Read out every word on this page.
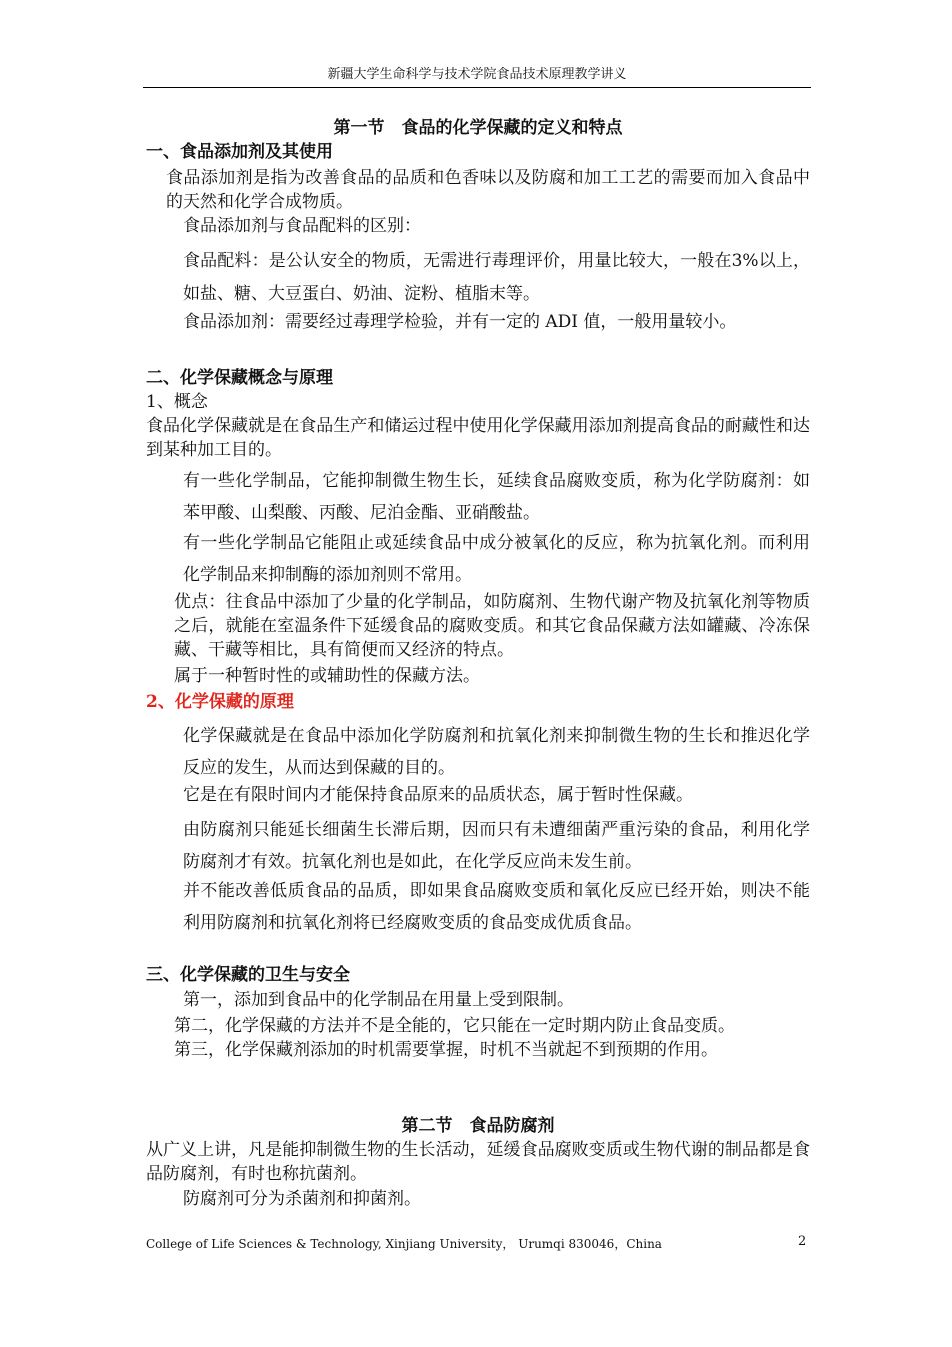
新疆大学生命科学与技术学院食品技术原理教学讲义
第一节　食品的化学保藏的定义和特点
一、食品添加剂及其使用
食品添加剂是指为改善食品的品质和色香味以及防腐和加工工艺的需要而加入食品中的天然和化学合成物质。
食品添加剂与食品配料的区别：
食品配料：是公认安全的物质，无需进行毒理评价，用量比较大，一般在3%以上，如盐、糖、大豆蛋白、奶油、淀粉、植脂末等。
食品添加剂：需要经过毒理学检验，并有一定的 ADI 值，一般用量较小。
二、化学保藏概念与原理
1、概念
食品化学保藏就是在食品生产和储运过程中使用化学保藏用添加剂提高食品的耐藏性和达到某种加工目的。
有一些化学制品，它能抑制微生物生长，延续食品腐败变质，称为化学防腐剂：如苯甲酸、山梨酸、丙酸、尼泊金酯、亚硝酸盐。
有一些化学制品它能阻止或延续食品中成分被氧化的反应，称为抗氧化剂。而利用化学制品来抑制酶的添加剂则不常用。
优点：往食品中添加了少量的化学制品，如防腐剂、生物代谢产物及抗氧化剂等物质之后，就能在室温条件下延缓食品的腐败变质。和其它食品保藏方法如罐藏、冷冻保藏、干藏等相比，具有简便而又经济的特点。
属于一种暂时性的或辅助性的保藏方法。
2、化学保藏的原理
化学保藏就是在食品中添加化学防腐剂和抗氧化剂来抑制微生物的生长和推迟化学反应的发生，从而达到保藏的目的。
它是在有限时间内才能保持食品原来的品质状态，属于暂时性保藏。
由防腐剂只能延长细菌生长滞后期，因而只有未遭细菌严重污染的食品，利用化学防腐剂才有效。抗氧化剂也是如此，在化学反应尚未发生前。
并不能改善低质食品的品质，即如果食品腐败变质和氧化反应已经开始，则决不能利用防腐剂和抗氧化剂将已经腐败变质的食品变成优质食品。
三、化学保藏的卫生与安全
第一，添加到食品中的化学制品在用量上受到限制。
第二，化学保藏的方法并不是全能的，它只能在一定时期内防止食品变质。
第三，化学保藏剂添加的时机需要掌握，时机不当就起不到预期的作用。
第二节　食品防腐剂
从广义上讲，凡是能抑制微生物的生长活动，延缓食品腐败变质或生物代谢的制品都是食品防腐剂，有时也称抗菌剂。
防腐剂可分为杀菌剂和抑菌剂。
College of Life Sciences & Technology, Xinjiang University， Urumqi 830046，China	2
